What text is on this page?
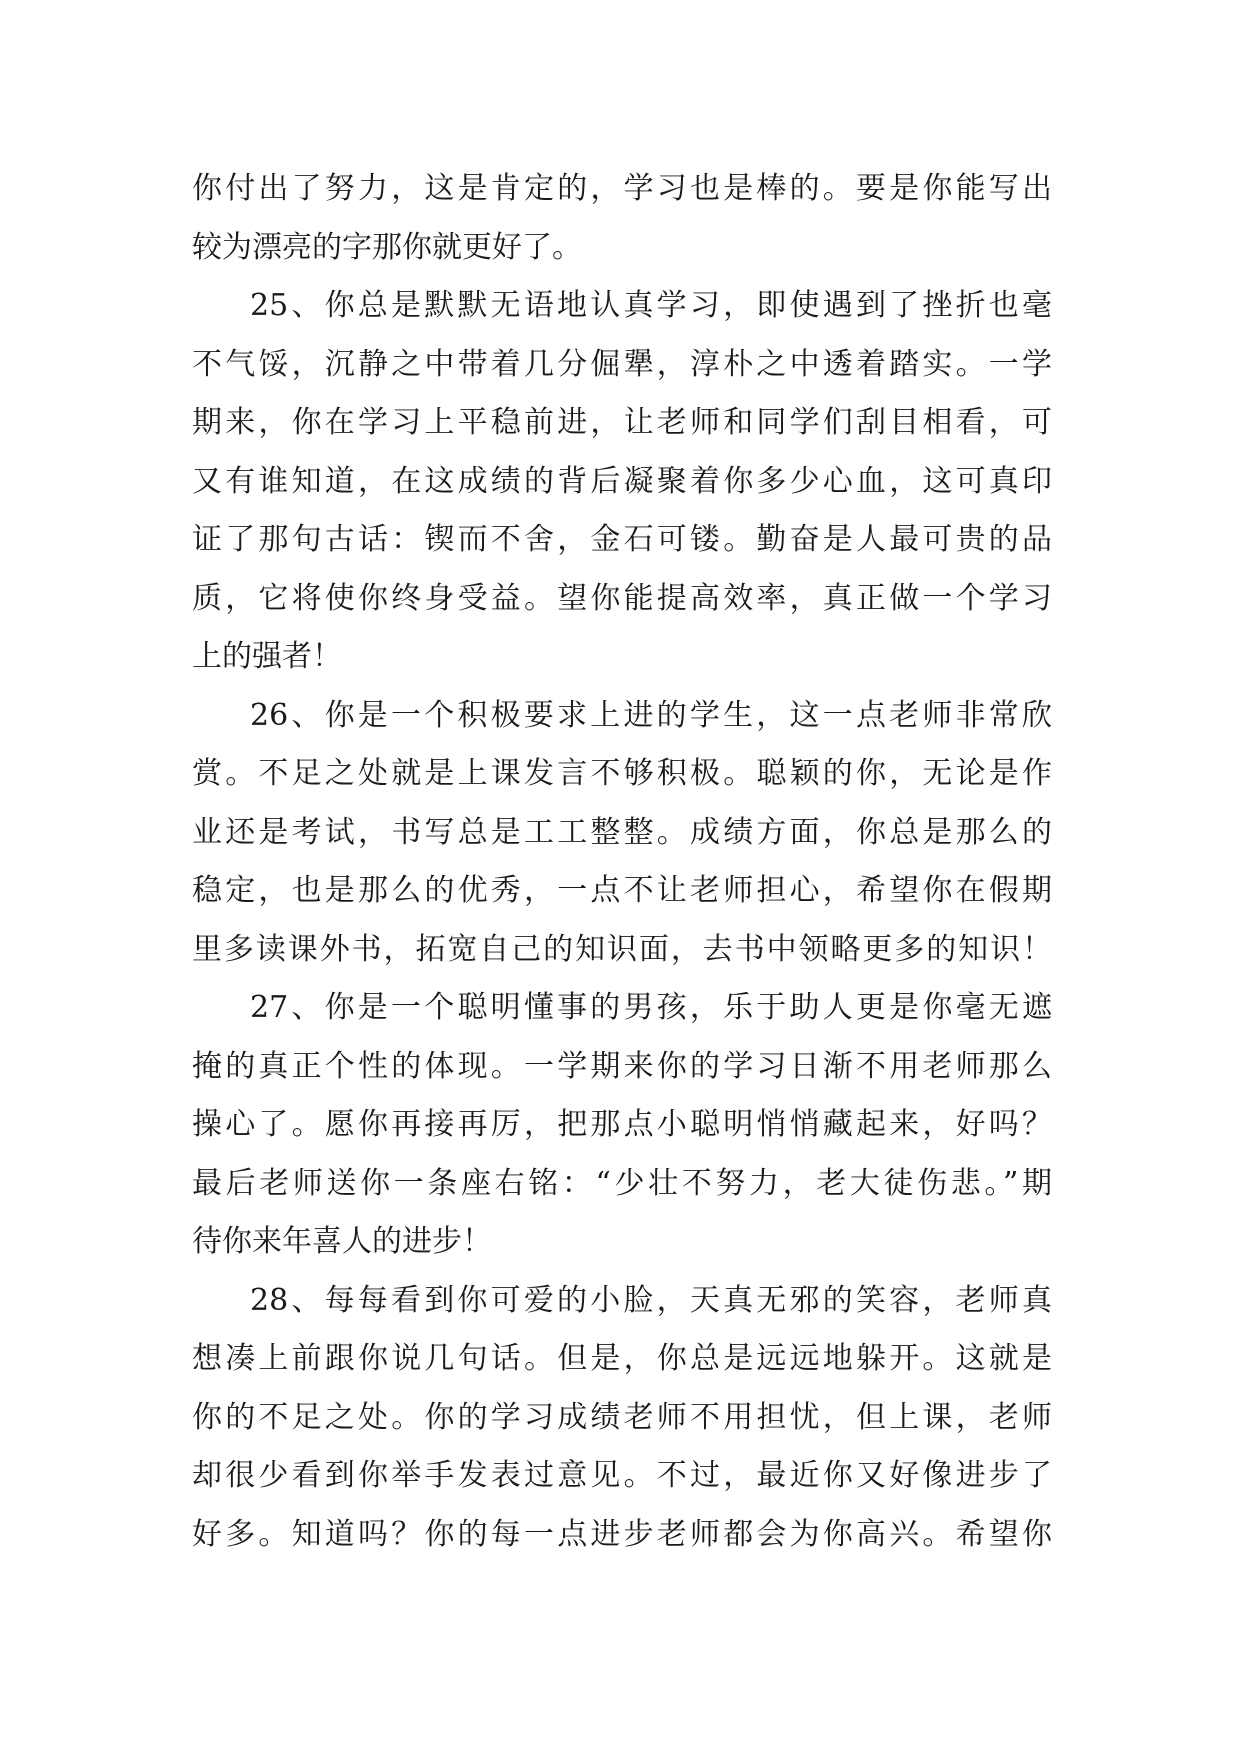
你付出了努力，这是肯定的，学习也是棒的。要是你能写出
较为漂亮的字那你就更好了。
25、你总是默默无语地认真学习，即使遇到了挫折也毫
不气馁，沉静之中带着几分倔犟，淳朴之中透着踏实。一学
期来，你在学习上平稳前进，让老师和同学们刮目相看，可
又有谁知道，在这成绩的背后凝聚着你多少心血，这可真印
证了那句古话：锲而不舍，金石可镂。勤奋是人最可贵的品
质，它将使你终身受益。望你能提高效率，真正做一个学习
上的强者！
26、你是一个积极要求上进的学生，这一点老师非常欣
赏。不足之处就是上课发言不够积极。聪颖的你，无论是作
业还是考试，书写总是工工整整。成绩方面，你总是那么的
稳定，也是那么的优秀，一点不让老师担心，希望你在假期
里多读课外书，拓宽自己的知识面，去书中领略更多的知识！
27、你是一个聪明懂事的男孩，乐于助人更是你毫无遮
掩的真正个性的体现。一学期来你的学习日渐不用老师那么
操心了。愿你再接再厉，把那点小聪明悄悄藏起来，好吗？
最后老师送你一条座右铭：“少壮不努力，老大徒伤悲。”期
待你来年喜人的进步！
28、每每看到你可爱的小脸，天真无邪的笑容，老师真
想凑上前跟你说几句话。但是，你总是远远地躲开。这就是
你的不足之处。你的学习成绩老师不用担忧，但上课，老师
却很少看到你举手发表过意见。不过，最近你又好像进步了
好多。知道吗？你的每一点进步老师都会为你高兴。希望你
